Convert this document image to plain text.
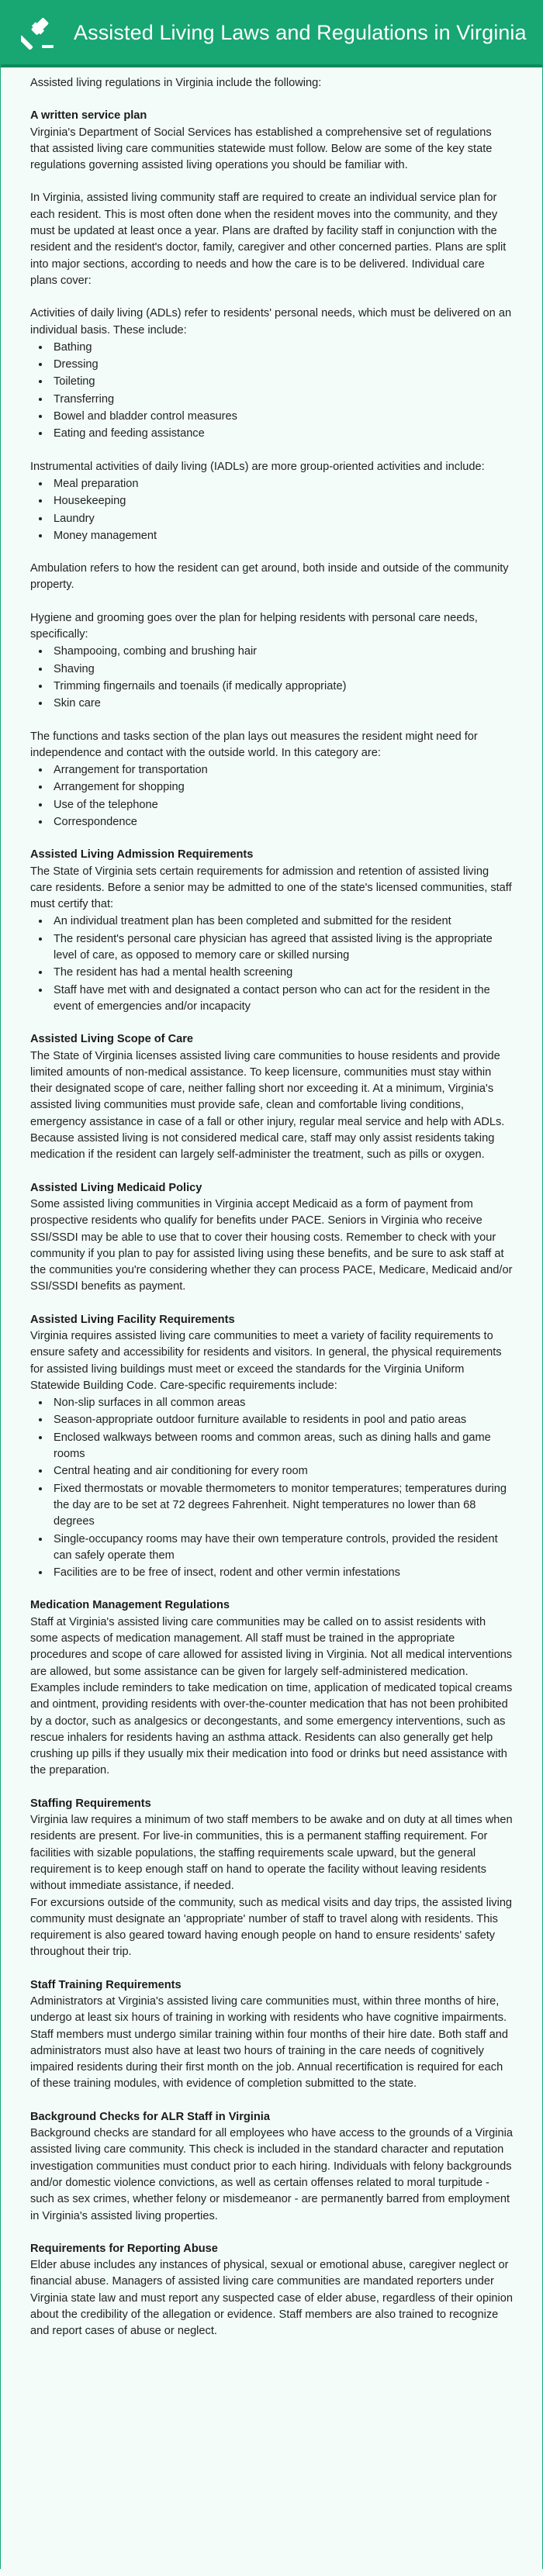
Assisted Living Laws and Regulations in Virginia

Assisted living regulations in Virginia include the following:

A written service plan

Virginia's Department of Social Services has established a comprehensive set of regulations that assisted living care communities statewide must follow. Below are some of the key state regulations governing assisted living operations you should be familiar with.

In Virginia, assisted living community staff are required to create an individual service plan for each resident. This is most often done when the resident moves into the community, and they must be updated at least once a year. Plans are drafted by facility staff in conjunction with the resident and the resident's doctor, family, caregiver and other concerned parties. Plans are split into major sections, according to needs and how the care is to be delivered. Individual care plans cover:

Activities of daily living (ADLs) refer to residents' personal needs, which must be delivered on an individual basis. These include:
• Bathing
• Dressing
• Toileting
• Transferring
• Bowel and bladder control measures
• Eating and feeding assistance
Instrumental activities of daily living (IADLs) are more group-oriented activities and include:
• Meal preparation
• Housekeeping
• Laundry
• Money management

Ambulation refers to how the resident can get around, both inside and outside of the community property.

Hygiene and grooming goes over the plan for helping residents with personal care needs, specifically:
• Shampooing, combing and brushing hair
• Shaving
• Trimming fingernails and toenails (if medically appropriate)
• Skin care
The functions and tasks section of the plan lays out measures the resident might need for independence and contact with the outside world. In this category are:
• Arrangement for transportation
• Arrangement for shopping
• Use of the telephone
• Correspondence
Assisted Living Admission Requirements
The State of Virginia sets certain requirements for admission and retention of assisted living care residents. Before a senior may be admitted to one of the state's licensed communities, staff must certify that:
• An individual treatment plan has been completed and submitted for the resident
• The resident's personal care physician has agreed that assisted living is the appropriate level of care, as opposed to memory care or skilled nursing
• The resident has had a mental health screening
• Staff have met with and designated a contact person who can act for the resident in the event of emergencies and/or incapacity
Assisted Living Scope of Care

The State of Virginia licenses assisted living care communities to house residents and provide limited amounts of non-medical assistance. To keep licensure, communities must stay within their designated scope of care, neither falling short nor exceeding it. At a minimum, Virginia's assisted living communities must provide safe, clean and comfortable living conditions, emergency assistance in case of a fall or other injury, regular meal service and help with ADLs. Because assisted living is not considered medical care, staff may only assist residents taking medication if the resident can largely self-administer the treatment, such as pills or oxygen.

Assisted Living Medicaid Policy

Some assisted living communities in Virginia accept Medicaid as a form of payment from prospective residents who qualify for benefits under PACE. Seniors in Virginia who receive SSI/SSDI may be able to use that to cover their housing costs. Remember to check with your community if you plan to pay for assisted living using these benefits, and be sure to ask staff at the communities you're considering whether they can process PACE, Medicare, Medicaid and/or SSI/SSDI benefits as payment.

Assisted Living Facility Requirements
Virginia requires assisted living care communities to meet a variety of facility requirements to ensure safety and accessibility for residents and visitors. In general, the physical requirements for assisted living buildings must meet or exceed the standards for the Virginia Uniform Statewide Building Code. Care-specific requirements include:
• Non-slip surfaces in all common areas
• Season-appropriate outdoor furniture available to residents in pool and patio areas
• Enclosed walkways between rooms and common areas, such as dining halls and game rooms
• Central heating and air conditioning for every room
• Fixed thermostats or movable thermometers to monitor temperatures; temperatures during the day are to be set at 72 degrees Fahrenheit. Night temperatures no lower than 68 degrees
• Single-occupancy rooms may have their own temperature controls, provided the resident can safely operate them
• Facilities are to be free of insect, rodent and other vermin infestations
Medication Management Regulations

Staff at Virginia's assisted living care communities may be called on to assist residents with some aspects of medication management. All staff must be trained in the appropriate procedures and scope of care allowed for assisted living in Virginia. Not all medical interventions are allowed, but some assistance can be given for largely self-administered medication. Examples include reminders to take medication on time, application of medicated topical creams and ointment, providing residents with over-the-counter medication that has not been prohibited by a doctor, such as analgesics or decongestants, and some emergency interventions, such as rescue inhalers for residents having an asthma attack. Residents can also generally get help crushing up pills if they usually mix their medication into food or drinks but need assistance with the preparation.

Staffing Requirements
Virginia law requires a minimum of two staff members to be awake and on duty at all times when residents are present. For live-in communities, this is a permanent staffing requirement. For facilities with sizable populations, the staffing requirements scale upward, but the general requirement is to keep enough staff on hand to operate the facility without leaving residents without immediate assistance, if needed.

For excursions outside of the community, such as medical visits and day trips, the assisted living community must designate an 'appropriate' number of staff to travel along with residents. This requirement is also geared toward having enough people on hand to ensure residents' safety throughout their trip.

Staff Training Requirements

Administrators at Virginia's assisted living care communities must, within three months of hire, undergo at least six hours of training in working with residents who have cognitive impairments. Staff members must undergo similar training within four months of their hire date. Both staff and administrators must also have at least two hours of training in the care needs of cognitively impaired residents during their first month on the job. Annual recertification is required for each of these training modules, with evidence of completion submitted to the state.

Background Checks for ALR Staff in Virginia

Background checks are standard for all employees who have access to the grounds of a Virginia assisted living care community. This check is included in the standard character and reputation investigation communities must conduct prior to each hiring. Individuals with felony backgrounds and/or domestic violence convictions, as well as certain offenses related to moral turpitude - such as sex crimes, whether felony or misdemeanor - are permanently barred from employment in Virginia's assisted living properties.

Requirements for Reporting Abuse

Elder abuse includes any instances of physical, sexual or emotional abuse, caregiver neglect or financial abuse. Managers of assisted living care communities are mandated reporters under Virginia state law and must report any suspected case of elder abuse, regardless of their opinion about the credibility of the allegation or evidence. Staff members are also trained to recognize and report cases of abuse or neglect.
